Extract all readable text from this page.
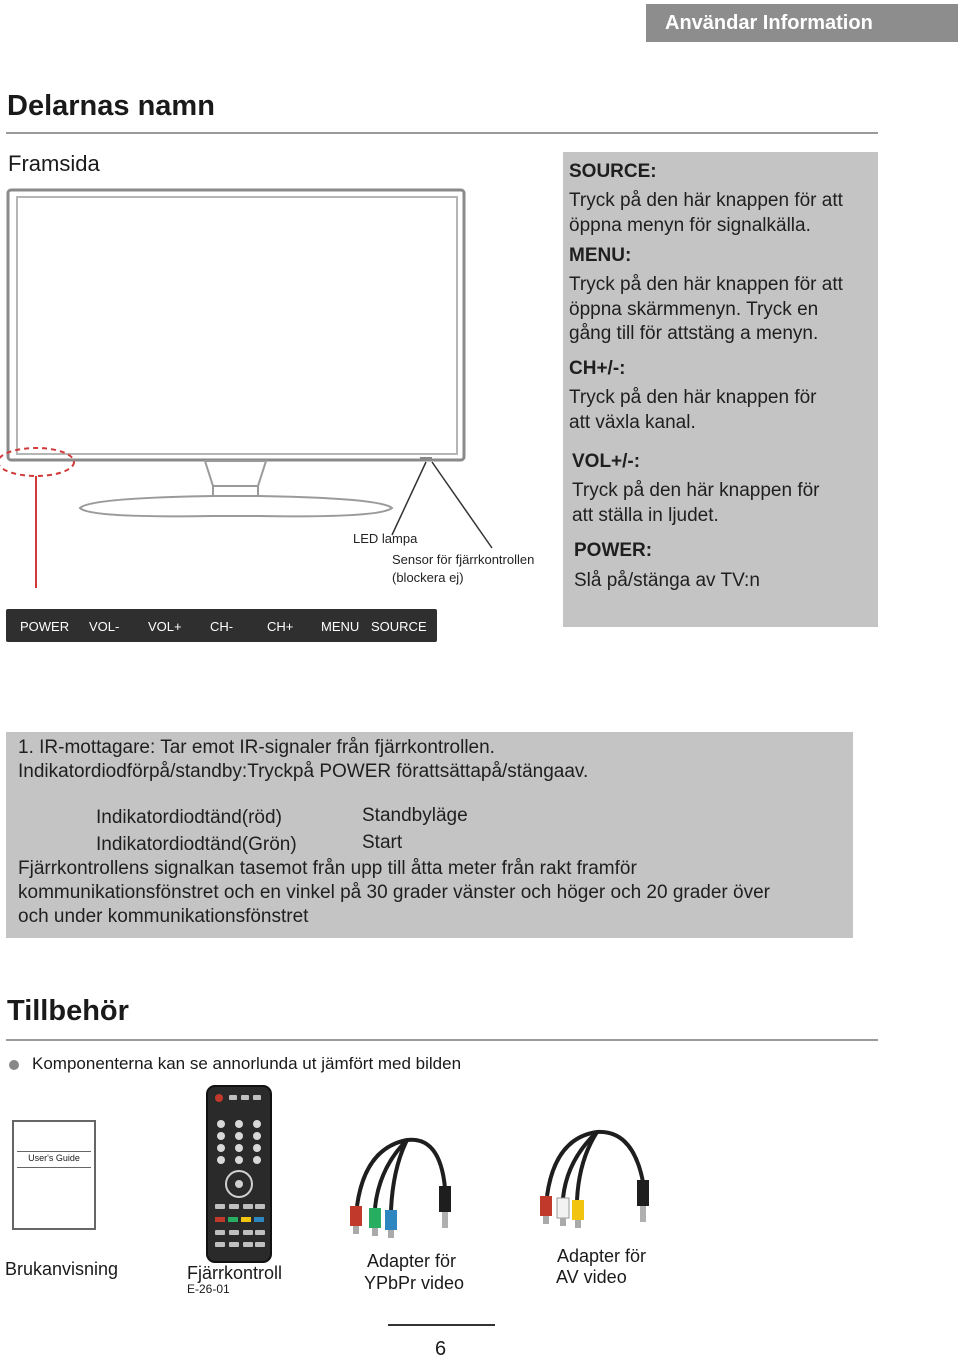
Användar Information
Delarnas namn
Framsida
LED lampa
Sensor för fjärrkontrollen
(blockera ej)
POWER VOL- VOL+ CH-	CH+ MENU SOURCE
SOURCE:
Tryck på den här knappen för att
öppna menyn för signalkälla.
MENU:
Tryck på den här knappen för att
öppna skärmmenyn. Tryck en
gång till för attstäng a menyn.
CH+/-:
Tryck på den här knappen för
att växla kanal.
VOL+/-:
Tryck på den här knappen för
att ställa in ljudet.
POWER:
Slå på/stänga av TV:n
1. IR-mottagare: Tar emot IR-signaler från fjärrkontrollen.
Indikatordiodförpå/standby:Tryckpå POWER förattsättapå/stängaav.
Indikatordiodtänd(röd)	Standbyläge
Indikatordiodtänd(Grön)	Start
Fjärrkontrollens signalkan tasemot från upp till åtta meter från rakt framför
kommunikationsfönstret och en vinkel på 30 grader vänster och höger och 20 grader över
och under kommunikationsfönstret
Tillbehör
Komponenterna kan se annorlunda ut jämfört med bilden
User's Guide
Brukanvisning	Fjärrkontroll
E-26-01
Adapter för
YPbPr video
Adapter för
AV video
6
